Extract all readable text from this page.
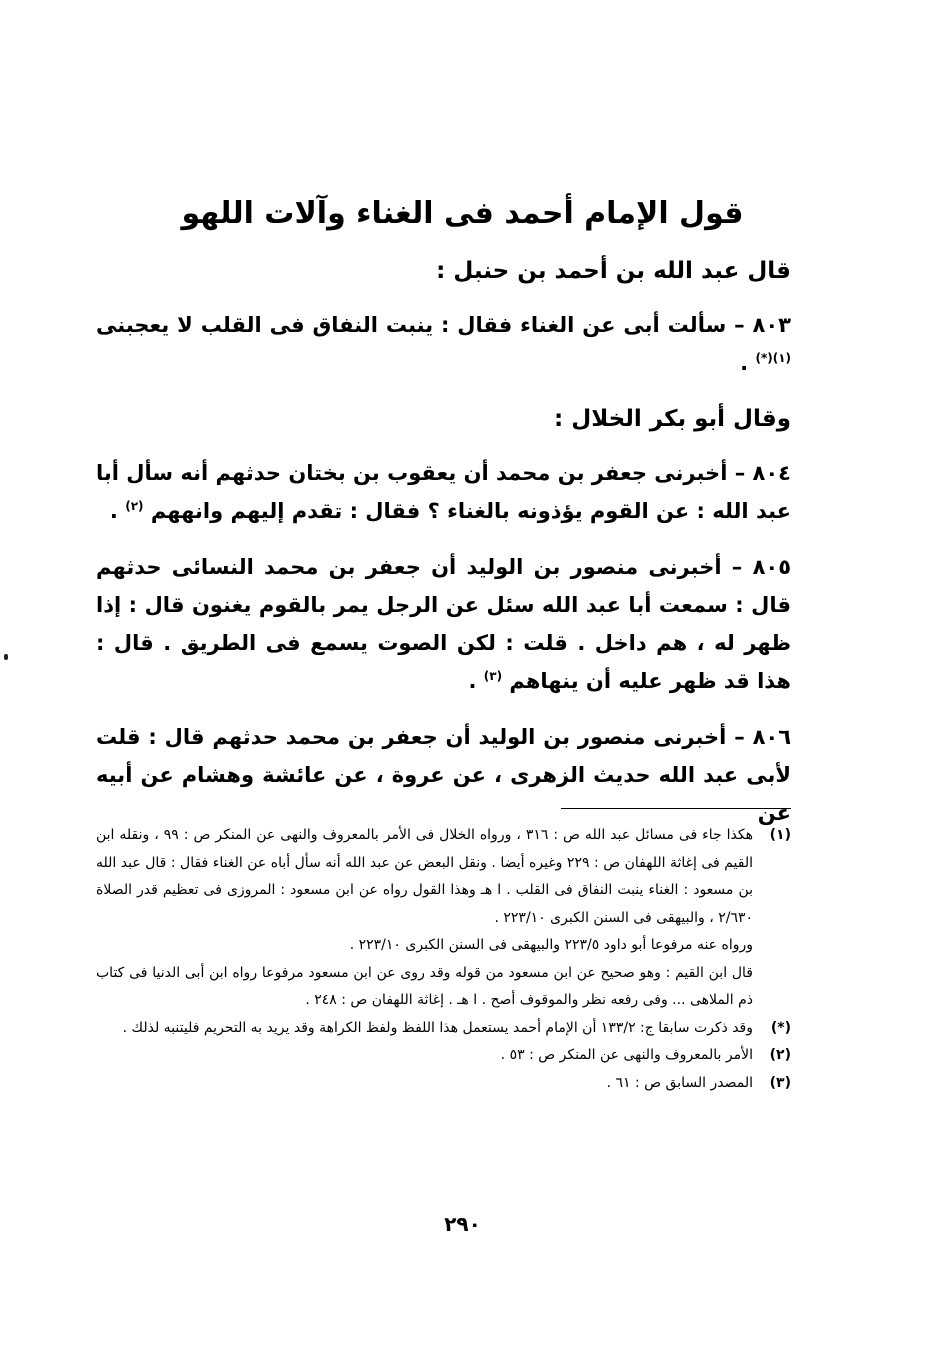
قول الإمام أحمد فى الغناء وآلات اللهو

قال عبد الله بن أحمد بن حنبل :

٨٠٣ – سألت أبى عن الغناء فقال : ينبت النفاق فى القلب لا يعجبنى $^{(١)(*)}$ .

وقال أبو بكر الخلال :

٨٠٤ – أخبرنى جعفر بن محمد أن يعقوب بن بختان حدثهم أنه سأل أبا عبد الله : عن القوم يؤذونه بالغناء ؟ فقال : تقدم إليهم وانههم $^{(٢)}$ .

٨٠٥ – أخبرنى منصور بن الوليد أن جعفر بن محمد النسائى حدثهم قال : سمعت أبا عبد الله سئل عن الرجل يمر بالقوم يغنون قال : إذا ظهر له ، هم داخل . قلت : لكن الصوت يسمع فى الطريق . قال : هذا قد ظهر عليه أن ينهاهم $^{(٣)}$ .

٨٠٦ – أخبرنى منصور بن الوليد أن جعفر بن محمد حدثهم قال : قلت لأبى عبد الله حديث الزهرى ، عن عروة ، عن عائشة وهشام عن أبيه عن

(١)
هكذا جاء فى مسائل عبد الله ص : ٣١٦ ، ورواه الخلال فى الأمر بالمعروف والنهى عن المنكر ص : ٩٩ ، ونقله ابن القيم فى إغاثة اللهفان ص : ٢٢٩ وغيره أيضا . ونقل البعض عن عبد الله أنه سأل أباه عن الغناء فقال : قال عبد الله بن مسعود : الغناء ينبت النفاق فى القلب . ا هـ وهذا القول رواه عن ابن مسعود : المروزى فى تعظيم قدر الصلاة ٢/٦٣٠ ، والبيهقى فى السنن الكبرى ٢٢٣/١٠ .
ورواه عنه مرفوعا أبو داود ٢٢٣/٥ والبيهقى فى السنن الكبرى ٢٢٣/١٠ .
قال ابن القيم : وهو صحيح عن ابن مسعود من قوله وقد روى عن ابن مسعود مرفوعا رواه ابن أبى الدنيا فى كتاب ذم الملاهى ... وفى رفعه نظر والموقوف أصح . ا هـ . إغاثة اللهفان ص : ٢٤٨ .
(*)
وقد ذكرت سابقا ج: ١٣٣/٢ أن الإمام أحمد يستعمل هذا اللفظ ولفظ الكراهة وقد يريد به التحريم فليتنبه لذلك .
(٢)
الأمر بالمعروف والنهى عن المنكر ص : ٥٣ .
(٣)
المصدر السابق ص : ٦١ .
٢٩٠
